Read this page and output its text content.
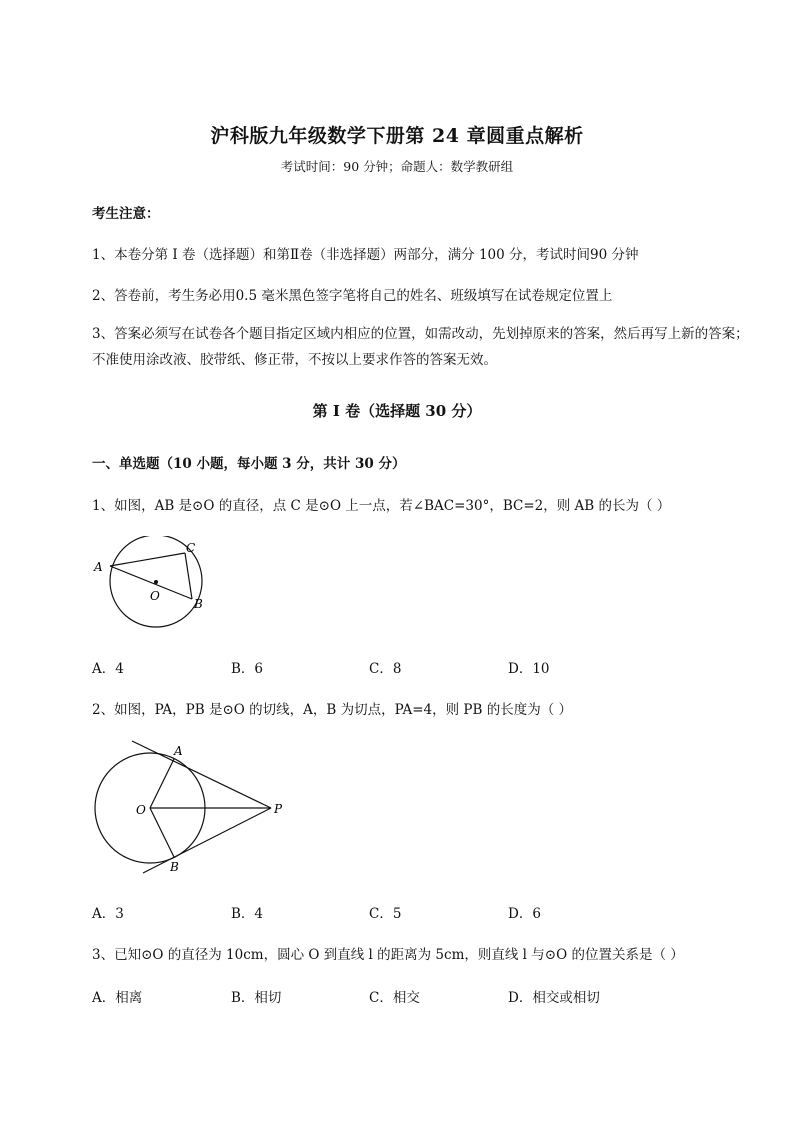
沪科版九年级数学下册第 24 章圆重点解析
考试时间：90 分钟；命题人：数学教研组
考生注意：
1、本卷分第 I 卷（选择题）和第Ⅱ卷（非选择题）两部分，满分 100 分，考试时间90 分钟
2、答卷前，考生务必用0.5 毫米黑色签字笔将自己的姓名、班级填写在试卷规定位置上
3、答案必须写在试卷各个题目指定区域内相应的位置，如需改动，先划掉原来的答案，然后再写上新的答案；不准使用涂改液、胶带纸、修正带，不按以上要求作答的答案无效。
第 I 卷（选择题 30 分）
一、单选题（10 小题，每小题 3 分，共计 30 分）
1、如图，AB 是⊙O 的直径，点 C 是⊙O 上一点，若∠BAC=30°，BC=2，则 AB 的长为（ ）
A
C
O
B
A．4	B．6	C．8	D．10
2、如图，PA，PB 是⊙O 的切线，A，B 为切点，PA=4，则 PB 的长度为（ ）
A
O	P
B
A．3	B．4	C．5	D．6
3、已知⊙O 的直径为 10cm，圆心 O 到直线 l 的距离为 5cm，则直线 l 与⊙O 的位置关系是（ ）
A．相离	B．相切	C．相交	D．相交或相切
